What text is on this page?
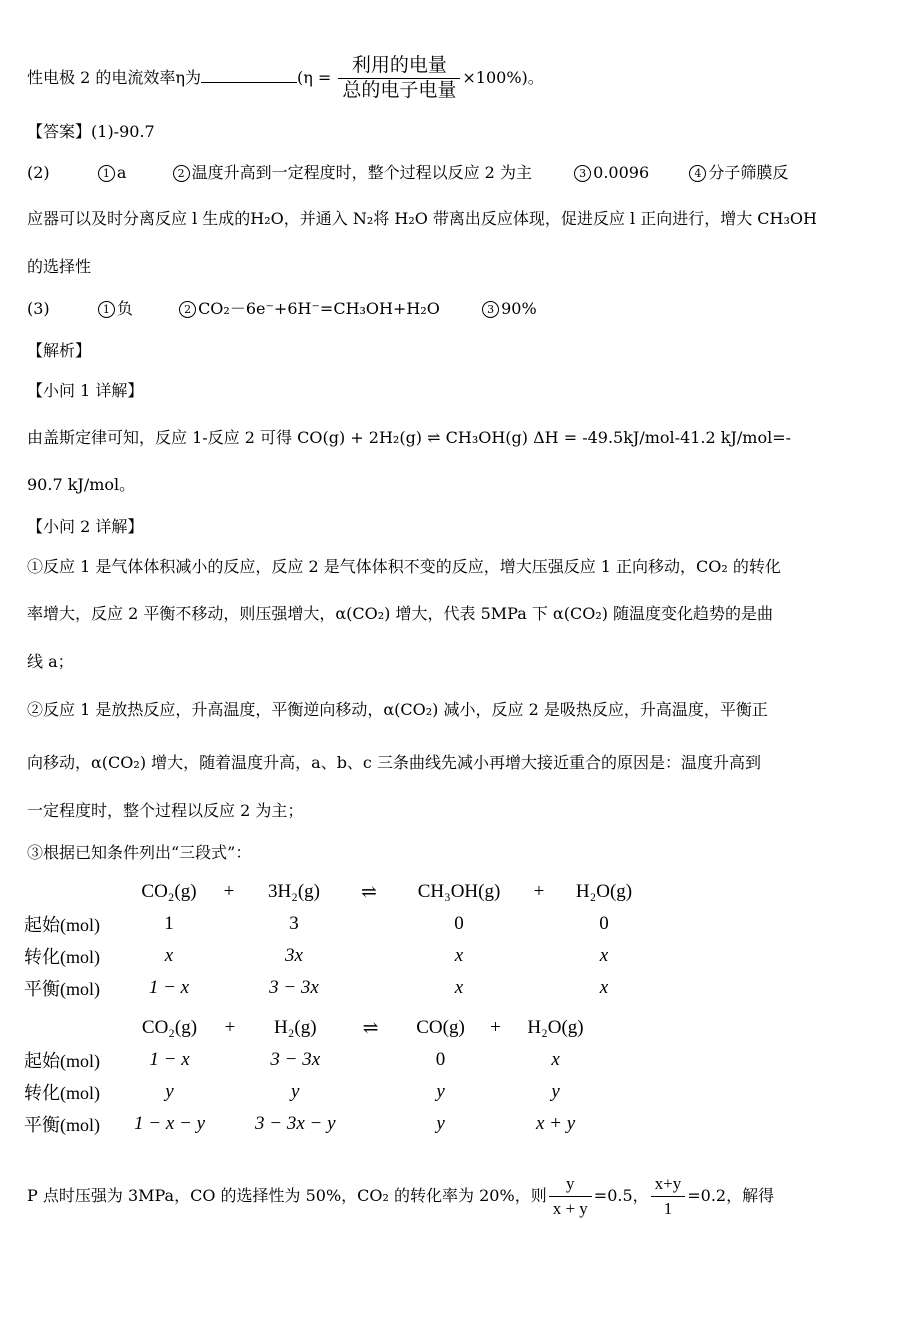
性电极 2 的电流效率η为	$(\eta = \frac{\text{利用的电量}}{\text{总的电子电量}} \times 100\%)$。
【答案】(1)-90.7
(2)	1 a	2 温度升高到一定程度时，整个过程以反应 2 为主	3 0.0096	4 分子筛膜反
应器可以及时分离反应 l 生成的H₂O，并通入 N₂将 H₂O 带离出反应体现，促进反应 l 正向进行，增大 CH₃OH
的选择性
(3)	1 负	2 CO₂－6e⁻+6H⁻=CH₃OH+H₂O	3 90%
【解析】
【小问 1 详解】
由盖斯定律可知，反应 1-反应 2 可得 CO(g) + 2H₂(g) ⇌ CH₃OH(g) ΔH = -49.5kJ/mol-41.2 kJ/mol=-
90.7 kJ/mol。
【小问 2 详解】
①反应 1 是气体体积减小的反应，反应 2 是气体体积不变的反应，增大压强反应 1 正向移动，CO₂ 的转化
率增大，反应 2 平衡不移动，则压强增大，α(CO₂) 增大，代表 5MPa 下 α(CO₂) 随温度变化趋势的是曲
线 a；
②反应 1 是放热反应，升高温度，平衡逆向移动，α(CO₂) 减小，反应 2 是吸热反应，升高温度，平衡正
向移动，α(CO₂) 增大，随着温度升高，a、b、c 三条曲线先减小再增大接近重合的原因是：温度升高到
一定程度时，整个过程以反应 2 为主；
③根据已知条件列出“三段式”：
	CO₂(g)	+	3H₂(g)	⇌	CH₃OH(g)	+	H₂O(g)
起始(mol)	1		3		0		0
转化(mol)	x		3x		x		x
平衡(mol)	1 − x		3 − 3x		x		x
	CO₂(g)	+	H₂(g)	⇌	CO(g)	+	H₂O(g)
起始(mol)	1 − x		3 − 3x		0		x
转化(mol)	y		y		y		y
平衡(mol)	1 − x − y		3 − 3x − y		y		x + y
P 点时压强为 3MPa，CO 的选择性为 50%，CO₂ 的转化率为 20%，则 $\frac{y}{x + y} =0.5$， $\frac{x+y}{1} =0.2$，解得
